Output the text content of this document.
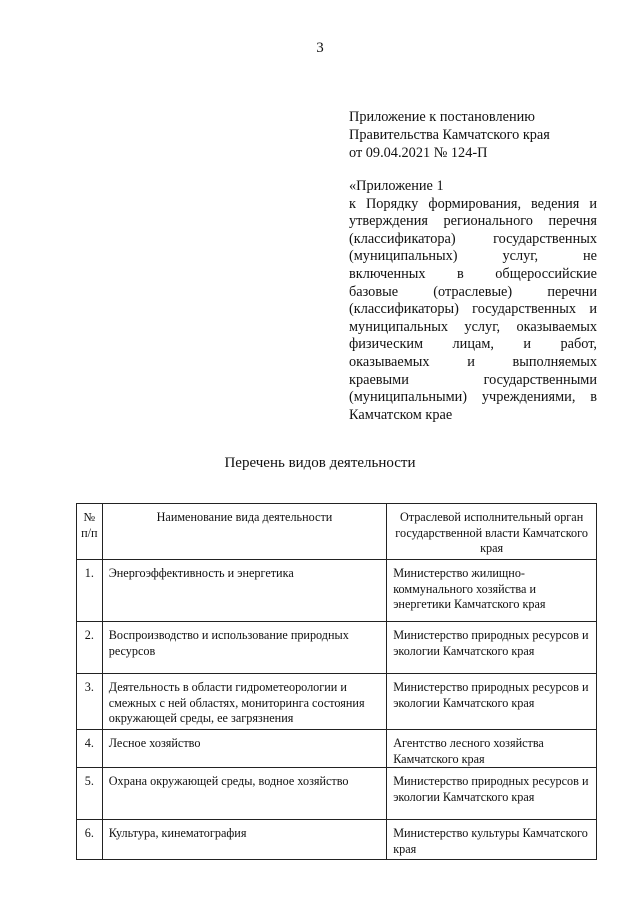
3
Приложение к постановлению
Правительства Камчатского края
от 09.04.2021 № 124-П
«Приложение 1
к Порядку формирования, ведения и
утверждения регионального перечня
(классификатора) государственных
(муниципальных) услуг, не
включенных в общероссийские
базовые (отраслевые) перечни
(классификаторы) государственных и
муниципальных услуг, оказываемых
физическим лицам, и работ,
оказываемых и выполняемых
краевыми государственными
(муниципальными) учреждениями, в
Камчатском крае
Перечень видов деятельности
№ п/п	Наименование вида деятельности	Отраслевой исполнительный орган государственной власти Камчатского края
1.	Энергоэффективность и энергетика	Министерство жилищно-коммунального хозяйства и энергетики Камчатского края
2.	Воспроизводство и использование природных ресурсов	Министерство природных ресурсов и экологии Камчатского края
3.	Деятельность в области гидрометеорологии и смежных с ней областях, мониторинга состояния окружающей среды, ее загрязнения	Министерство природных ресурсов и экологии Камчатского края
4.	Лесное хозяйство	Агентство лесного хозяйства Камчатского края
5.	Охрана окружающей среды, водное хозяйство	Министерство природных ресурсов и экологии Камчатского края
6.	Культура, кинематография	Министерство культуры Камчатского края
